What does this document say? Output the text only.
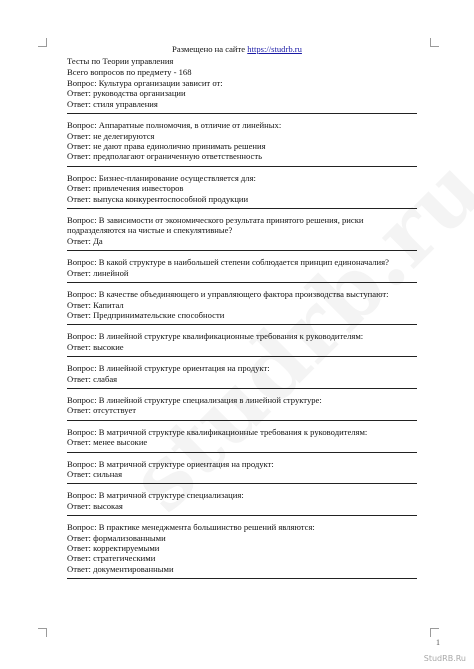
Размещено на сайте https://studrb.ru
Тесты по Теории управления
Всего вопросов по предмету - 168
Вопрос: Культура организации зависит от:
Ответ: руководства организации
Ответ: стиля управления
Вопрос: Аппаратные полномочия, в отличие от линейных:
Ответ: не делегируются
Ответ: не дают права единолично принимать решения
Ответ: предполагают ограниченную ответственность
Вопрос: Бизнес-планирование осуществляется для:
Ответ: привлечения инвесторов
Ответ: выпуска конкурентоспособной продукции
Вопрос: В зависимости от экономического результата принятого решения, риски подразделяются на чистые и спекулятивные?
Ответ: Да
Вопрос: В какой структуре в наибольшей степени соблюдается принцип единоначалия?
Ответ: линейной
Вопрос: В качестве объединяющего и управляющего фактора производства выступают:
Ответ: Капитал
Ответ: Предпринимательские способности
Вопрос: В линейной структуре квалификационные требования к руководителям:
Ответ: высокие
Вопрос: В линейной структуре ориентация на продукт:
Ответ: слабая
Вопрос: В линейной структуре специализация в линейной структуре:
Ответ: отсутствует
Вопрос: В матричной структуре квалификационные требования к руководителям:
Ответ: менее высокие
Вопрос: В матричной структуре ориентация на продукт:
Ответ: сильная
Вопрос: В матричной структуре специализация:
Ответ: высокая
Вопрос: В практике менеджмента большинство решений являются:
Ответ: формализованными
Ответ: корректируемыми
Ответ: стратегическими
Ответ: документированными
1
StudRB.Ru
